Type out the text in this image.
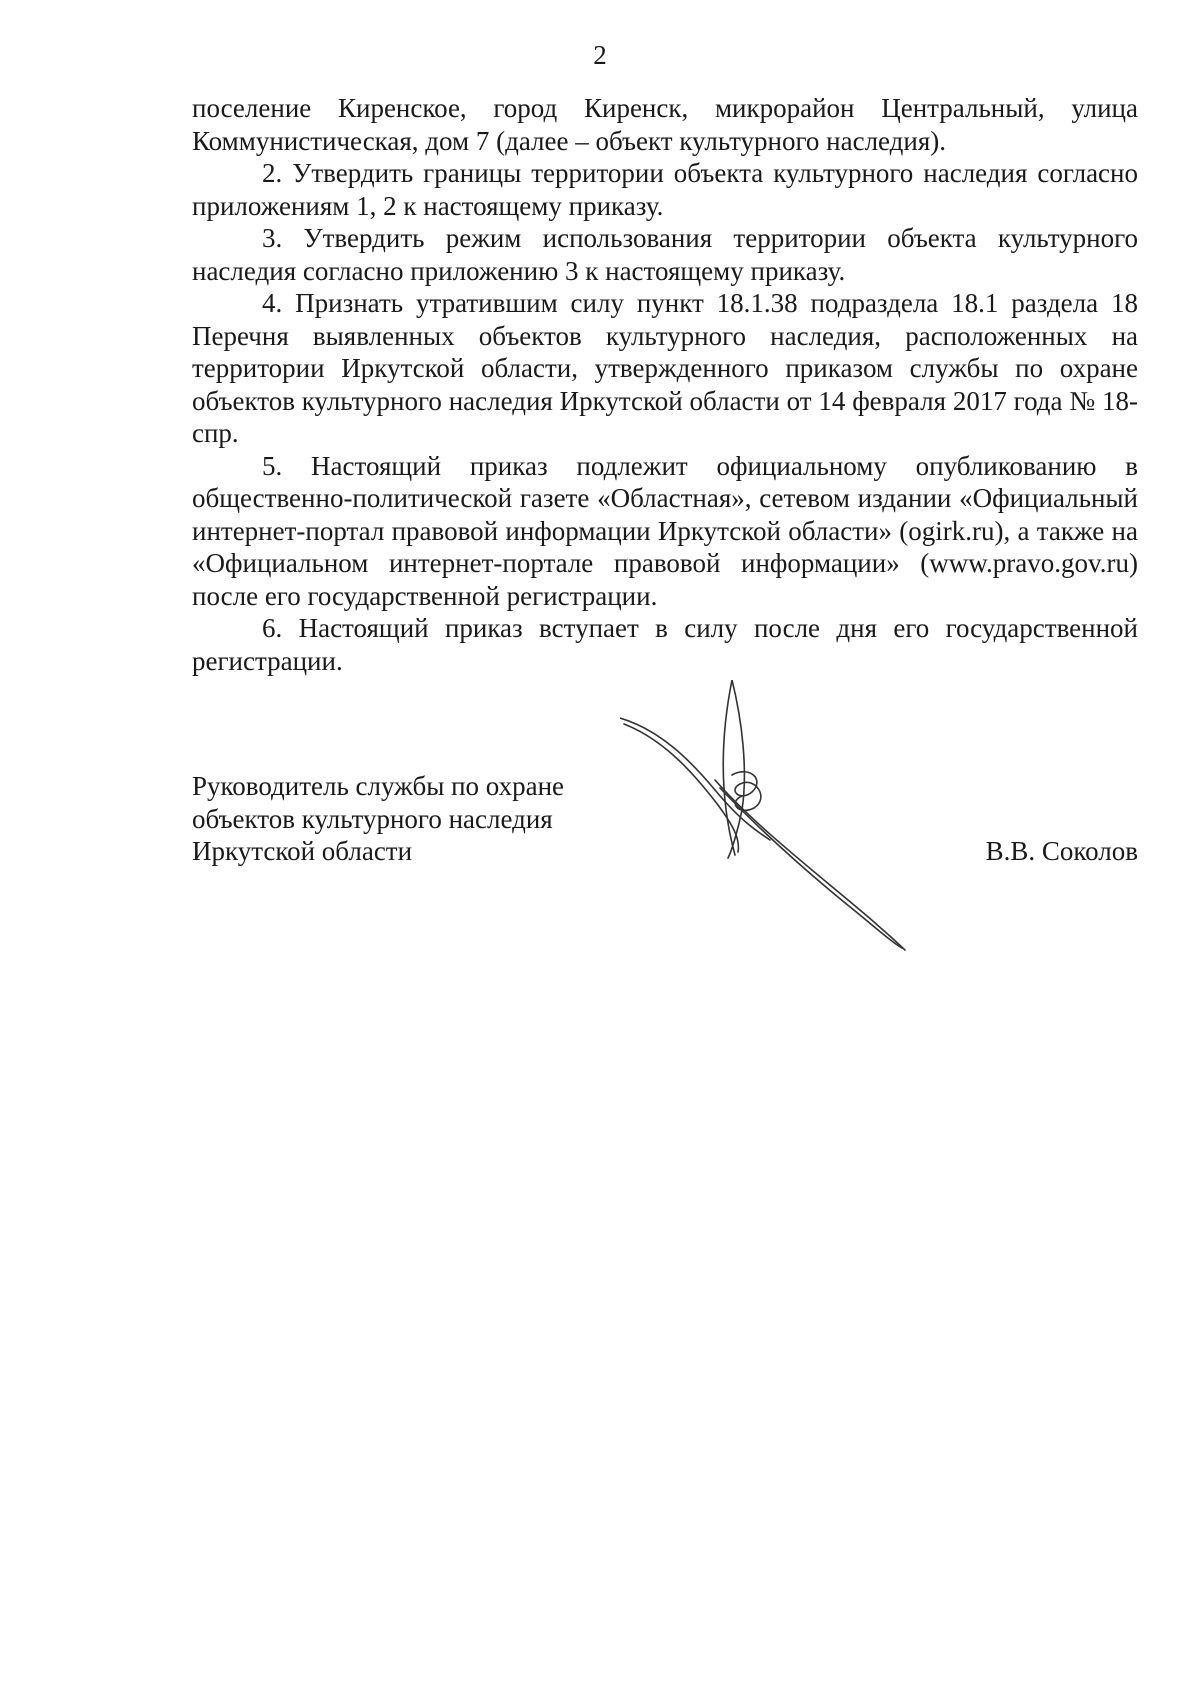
2

поселение Киренское, город Киренск, микрорайон Центральный, улица Коммунистическая, дом 7 (далее – объект культурного наследия).

2. Утвердить границы территории объекта культурного наследия согласно приложениям 1, 2 к настоящему приказу.

3. Утвердить режим использования территории объекта культурного наследия согласно приложению 3 к настоящему приказу.

4. Признать утратившим силу пункт 18.1.38 подраздела 18.1 раздела 18 Перечня выявленных объектов культурного наследия, расположенных на территории Иркутской области, утвержденного приказом службы по охране объектов культурного наследия Иркутской области от 14 февраля 2017 года № 18-спр.

5. Настоящий приказ подлежит официальному опубликованию в общественно-политической газете «Областная», сетевом издании «Официальный интернет-портал правовой информации Иркутской области» (ogirk.ru), а также на «Официальном интернет-портале правовой информации» (www.pravo.gov.ru) после его государственной регистрации.

6. Настоящий приказ вступает в силу после дня его государственной регистрации.

Руководитель службы по охране
объектов культурного наследия
Иркутской области	В.В. Соколов
